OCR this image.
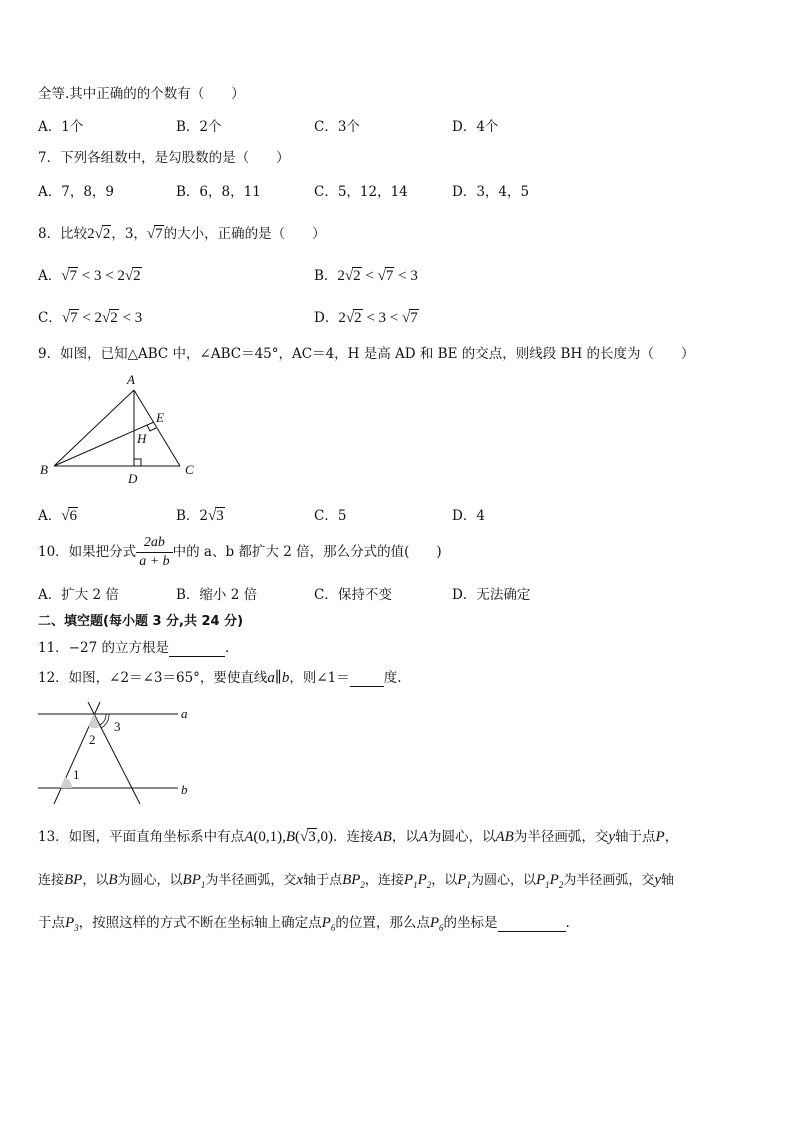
全等.其中正确的的个数有（　　）
A．1个	B．2个	C．3个	D．4个
7．下列各组数中，是勾股数的是（　　）
A．7，8，9	B．6，8，11	C．5，12，14	D．3，4，5
8．比较2√2，3，√7的大小，正确的是（　　）
A．√7 < 3 < 2√2	B．2√2 < √7 < 3
C．√7 < 2√2 < 3	D．2√2 < 3 < √7
9．如图，已知△ABC 中，∠ABC＝45°，AC＝4，H 是高 AD 和 BE 的交点，则线段 BH 的长度为（　　）
A
B	C
D
E
H
A．√6	B．2√3	C．5	D．4
10．如果把分式 $\frac{2ab}{a + b}$ 中的 a、b 都扩大 2 倍，那么分式的值(　　)
A．扩大 2 倍	B．缩小 2 倍	C．保持不变	D．无法确定
二、填空题(每小题 3 分,共 24 分)
11．−27 的立方根是	.
12．如图，∠2＝∠3＝65°，要使直线a∥b，则∠1＝	度.
a
b
1
2
3
13．如图，平面直角坐标系中有点A(0,1),B(√3,0)．连接AB，以A为圆心，以AB为半径画弧，交y轴于点P，
连接BP，以B为圆心，以$BP_1$为半径画弧，交x轴于点$BP_2$，连接$P_1P_2$，以$P_1$为圆心，以$P_1P_2$为半径画弧，交y轴
于点$P_3$，按照这样的方式不断在坐标轴上确定点$P_6$的位置，那么点$P_6$的坐标是	.
